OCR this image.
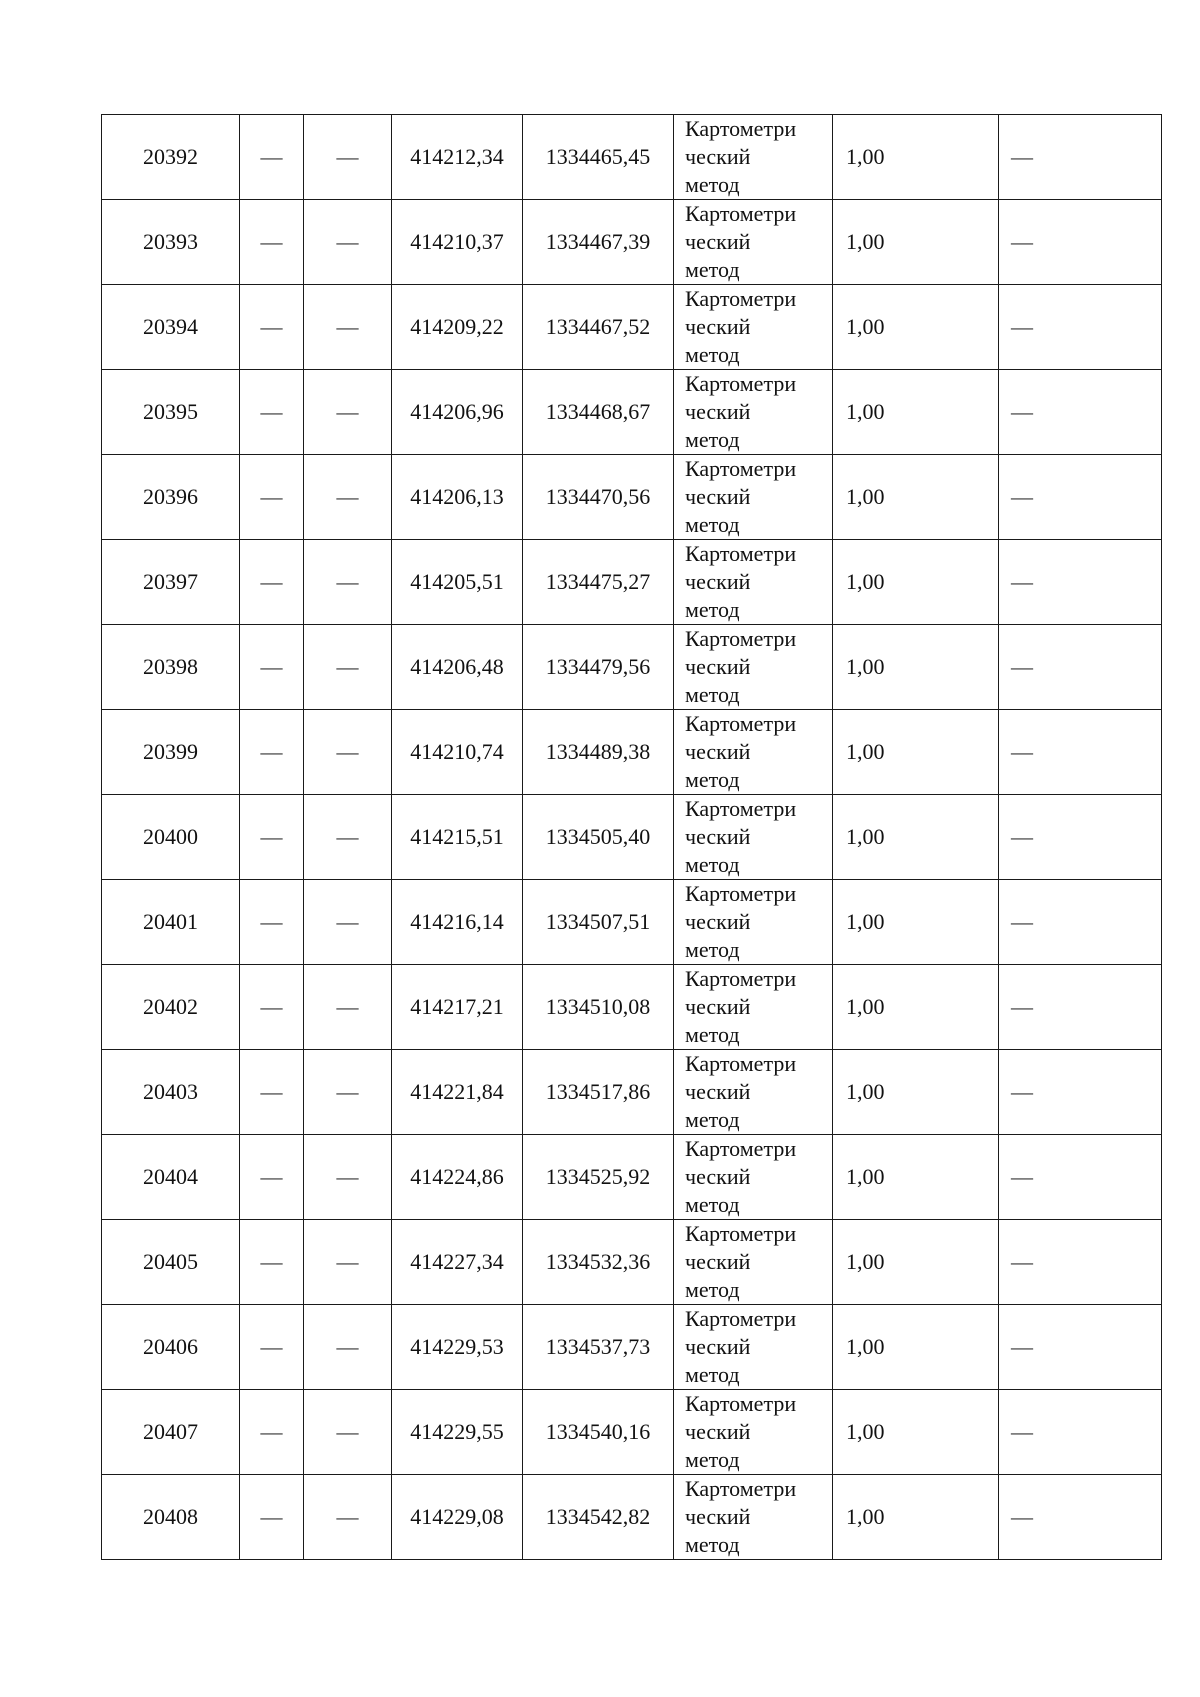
20392	—	—	414212,34	1334465,45	Картометри
ческий
метод	1,00	—
20393	—	—	414210,37	1334467,39	Картометри
ческий
метод	1,00	—
20394	—	—	414209,22	1334467,52	Картометри
ческий
метод	1,00	—
20395	—	—	414206,96	1334468,67	Картометри
ческий
метод	1,00	—
20396	—	—	414206,13	1334470,56	Картометри
ческий
метод	1,00	—
20397	—	—	414205,51	1334475,27	Картометри
ческий
метод	1,00	—
20398	—	—	414206,48	1334479,56	Картометри
ческий
метод	1,00	—
20399	—	—	414210,74	1334489,38	Картометри
ческий
метод	1,00	—
20400	—	—	414215,51	1334505,40	Картометри
ческий
метод	1,00	—
20401	—	—	414216,14	1334507,51	Картометри
ческий
метод	1,00	—
20402	—	—	414217,21	1334510,08	Картометри
ческий
метод	1,00	—
20403	—	—	414221,84	1334517,86	Картометри
ческий
метод	1,00	—
20404	—	—	414224,86	1334525,92	Картометри
ческий
метод	1,00	—
20405	—	—	414227,34	1334532,36	Картометри
ческий
метод	1,00	—
20406	—	—	414229,53	1334537,73	Картометри
ческий
метод	1,00	—
20407	—	—	414229,55	1334540,16	Картометри
ческий
метод	1,00	—
20408	—	—	414229,08	1334542,82	Картометри
ческий
метод	1,00	—
